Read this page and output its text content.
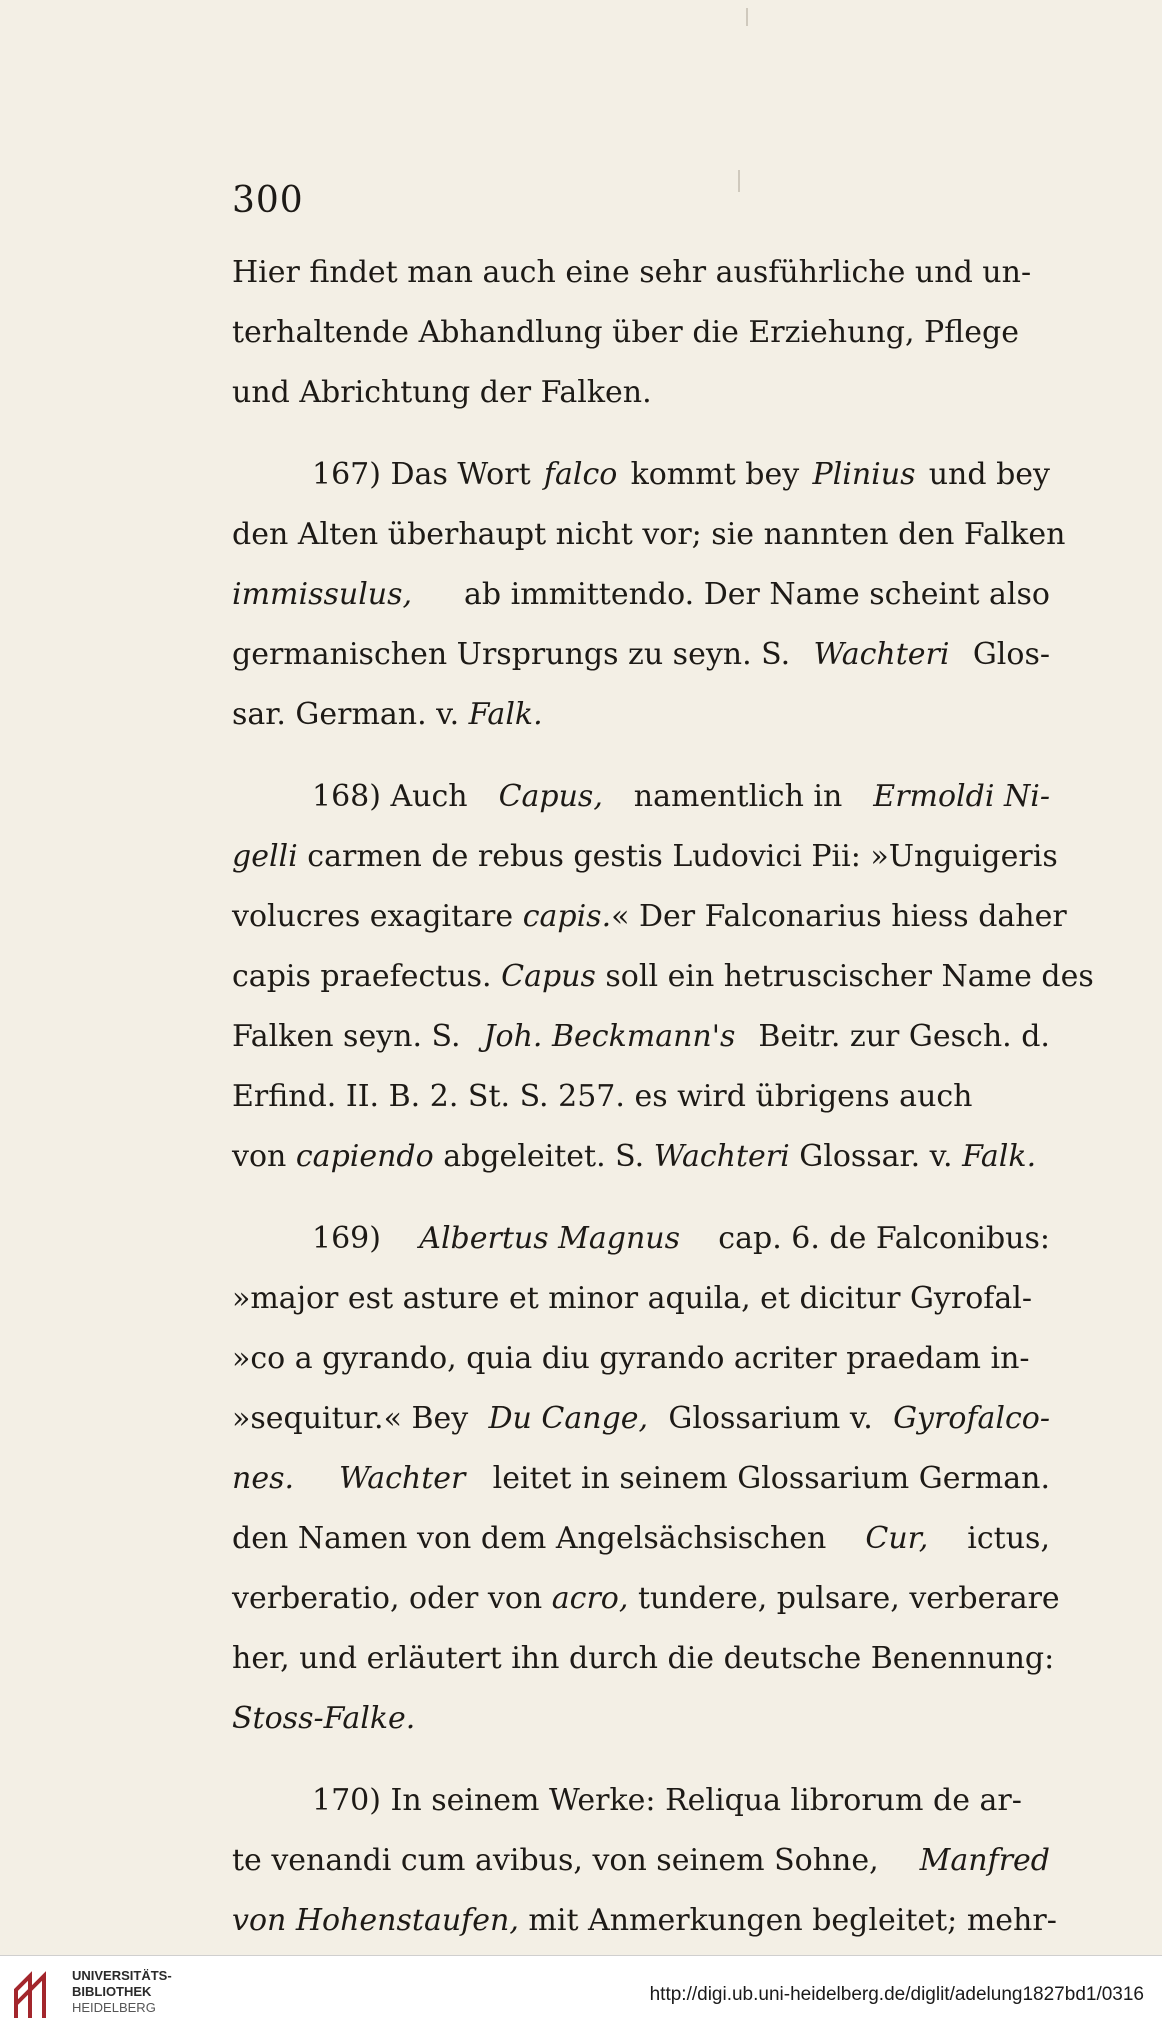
300
Hier findet man auch eine sehr ausführliche und un-
terhaltende Abhandlung über die Erziehung, Pflege
und Abrichtung der Falken.
167) Das Wort falco kommt bey Plinius und bey
den Alten überhaupt nicht vor; sie nannten den Falken
immissulus, ab immittendo. Der Name scheint also
germanischen Ursprungs zu seyn. S. Wachteri Glos-
sar. German. v. Falk.
168) Auch Capus, namentlich in Ermoldi Ni-
gelli carmen de rebus gestis Ludovici Pii: »Unguigeris
volucres exagitare capis. « Der Falconarius hiess daher
capis praefectus. Capus soll ein hetruscischer Name des
Falken seyn. S. Joh. Beckmann's Beitr. zur Gesch. d.
Erfind. II. B. 2. St. S. 257. es wird übrigens auch
von capiendo abgeleitet. S. Wachteri Glossar. v. Falk.
169) Albertus Magnus cap. 6. de Falconibus:
»major est asture et minor aquila, et dicitur Gyrofal-
»co a gyrando, quia diu gyrando acriter praedam in-
»sequitur.« Bey Du Cange, Glossarium v. Gyrofalco-
nes.
Wachter leitet in seinem Glossarium German.
den Namen von dem Angelsächsischen Cur, ictus,
verberatio, oder von acro, tundere, pulsare, verberare
her, und erläutert ihn durch die deutsche Benennung:
Stoss-Falke.
170) In seinem Werke: Reliqua librorum de ar-
te venandi cum avibus, von seinem Sohne, Manfred
von Hohenstaufen, mit Anmerkungen begleitet; mehr-
UNIVERSITÄTS-
BIBLIOTHEK
HEIDELBERG
http://digi.ub.uni-heidelberg.de/diglit/adelung1827bd1/0316
